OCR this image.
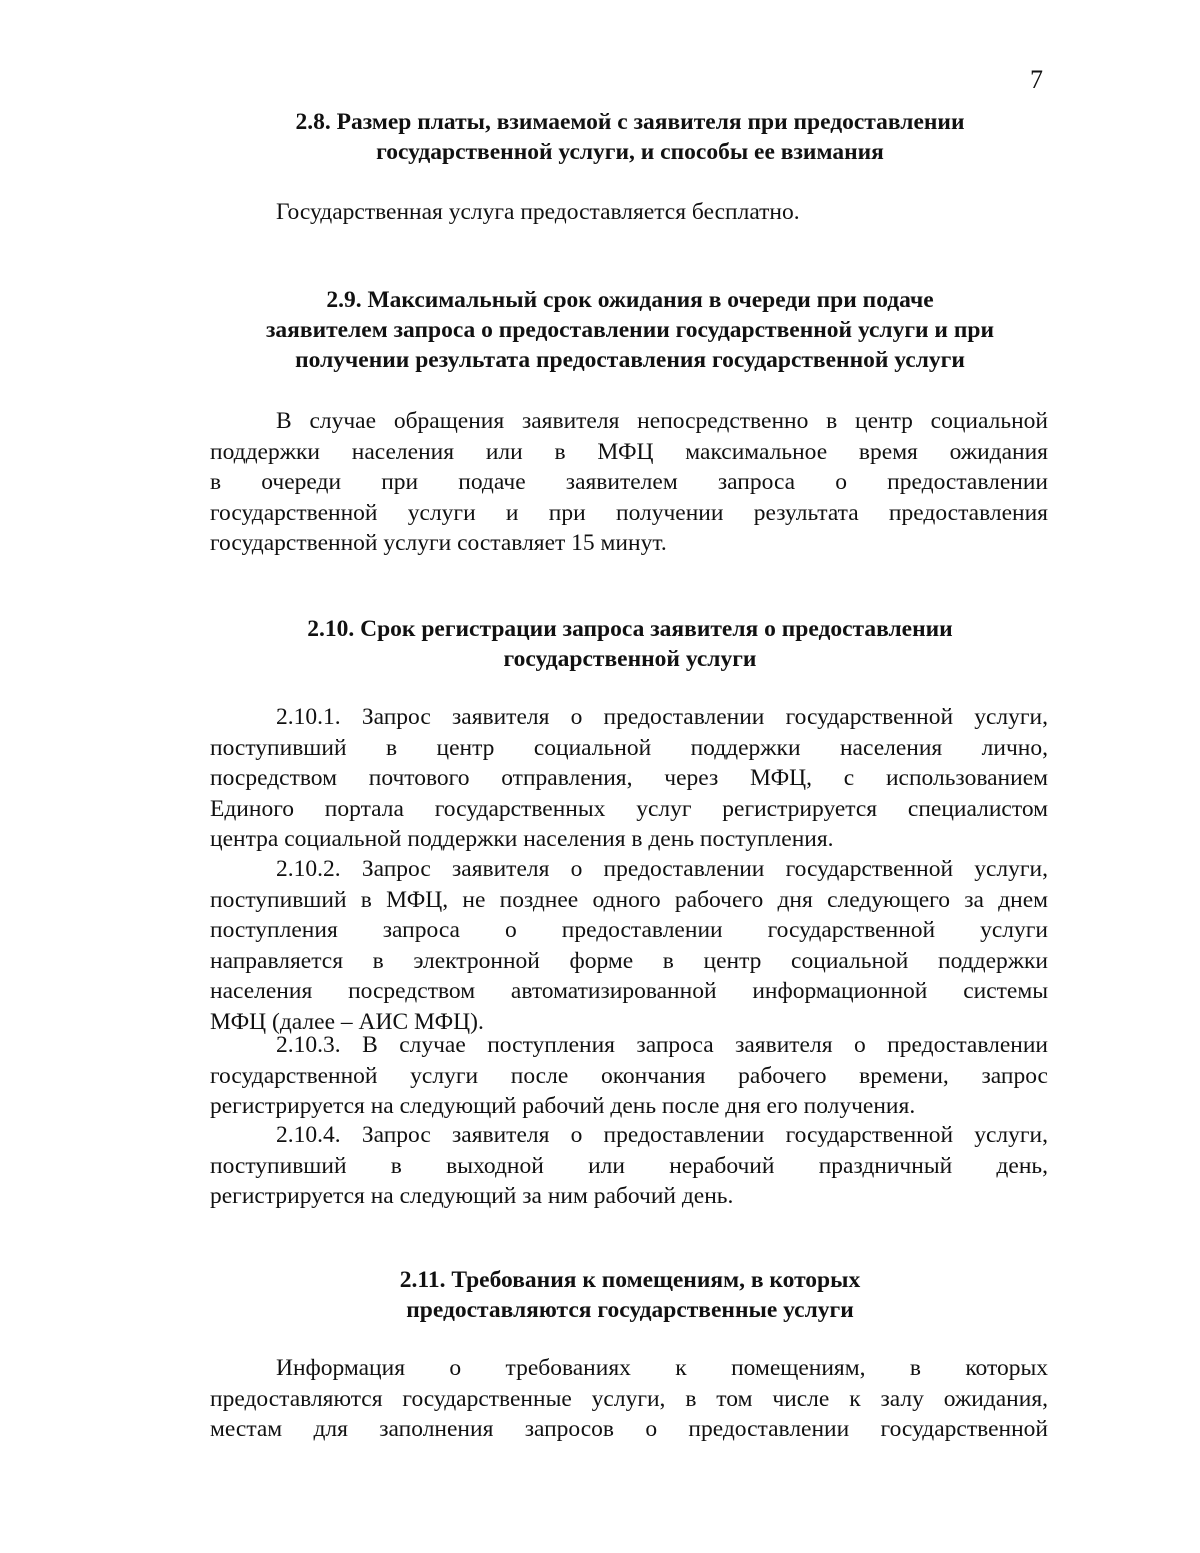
7
2.8. Размер платы, взимаемой с заявителя при предоставлении
государственной услуги, и способы ее взимания
Государственная услуга предоставляется бесплатно.
2.9. Максимальный срок ожидания в очереди при подаче
заявителем запроса о предоставлении государственной услуги и при
получении результата предоставления государственной услуги
В случае обращения заявителя непосредственно в центр социальной
поддержки населения или в МФЦ максимальное время ожидания
в очереди при подаче заявителем запроса о предоставлении
государственной услуги и при получении результата предоставления
государственной услуги составляет 15 минут.
2.10. Срок регистрации запроса заявителя о предоставлении
государственной услуги
2.10.1. Запрос заявителя о предоставлении государственной услуги,
поступивший в центр социальной поддержки населения лично,
посредством почтового отправления, через МФЦ, с использованием
Единого портала государственных услуг регистрируется специалистом
центра социальной поддержки населения в день поступления.
2.10.2. Запрос заявителя о предоставлении государственной услуги,
поступивший в МФЦ, не позднее одного рабочего дня следующего за днем
поступления запроса о предоставлении государственной услуги
направляется в электронной форме в центр социальной поддержки
населения посредством автоматизированной информационной системы
МФЦ (далее – АИС МФЦ).
2.10.3. В случае поступления запроса заявителя о предоставлении
государственной услуги после окончания рабочего времени, запрос
регистрируется на следующий рабочий день после дня его получения.
2.10.4. Запрос заявителя о предоставлении государственной услуги,
поступивший в выходной или нерабочий праздничный день,
регистрируется на следующий за ним рабочий день.
2.11. Требования к помещениям, в которых
предоставляются государственные услуги
Информация о требованиях к помещениям, в которых
предоставляются государственные услуги, в том числе к залу ожидания,
местам для заполнения запросов о предоставлении государственной
